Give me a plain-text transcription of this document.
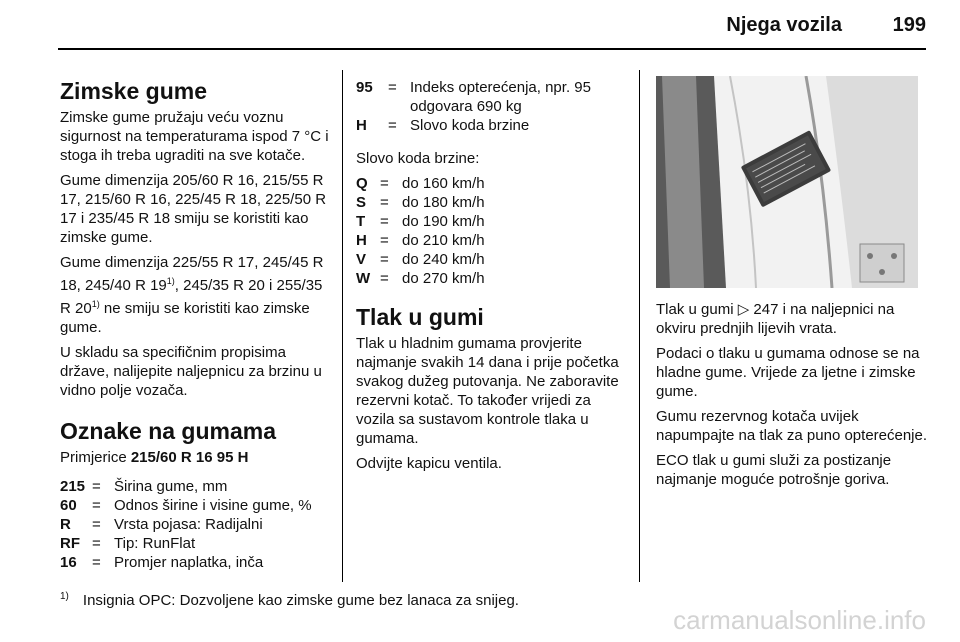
Njega vozila	199
Zimske gume

Zimske gume pružaju veću voznu sigurnost na temperaturama ispod 7 °C i stoga ih treba ugraditi na sve kotače.

Gume dimenzija 205/60 R 16, 215/55 R 17, 215/60 R 16, 225/45 R 18, 225/50 R 17 i 235/45 R 18 smiju se koristiti kao zimske gume.

Gume dimenzija 225/55 R 17, 245/45 R 18, 245/40 R 19$^{1)}$, 245/35 R 20 i 255/35 R 20$^{1)}$ ne smiju se koristiti kao zimske gume.

U skladu sa specifičnim propisima države, nalijepite naljepnicu za brzinu u vidno polje vozača.

Oznake na gumama

Primjerice 215/60 R 16 95 H

215 = Širina gume, mm
60	= Odnos širine i visine gume, %
R	= Vrsta pojasa: Radijalni
RF = Tip: RunFlat
16	= Promjer naplatka, inča
95	= Indeks opterećenja, npr. 95 odgovara 690 kg
H	= Slovo koda brzine

Slovo koda brzine:

Q = do 160 km/h
S = do 180 km/h
T = do 190 km/h
H = do 210 km/h
V = do 240 km/h
W = do 270 km/h
Tlak u gumi

Tlak u hladnim gumama provjerite najmanje svakih 14 dana i prije početka svakog dužeg putovanja. Ne zaboravite rezervni kotač. To također vrijedi za vozila sa sustavom kontrole tlaka u gumama.

Odvijte kapicu ventila.

Tlak u gumi ▷ 247 i na naljepnici na okviru prednjih lijevih vrata.

Podaci o tlaku u gumama odnose se na hladne gume. Vrijede za ljetne i zimske gume.

Gumu rezervnog kotača uvijek napumpajte na tlak za puno opterećenje.

ECO tlak u gumi služi za postizanje najmanje moguće potrošnje goriva.

$^{1)}$ Insignia OPC: Dozvoljene kao zimske gume bez lanaca za snijeg.
carmanualsonline.info
